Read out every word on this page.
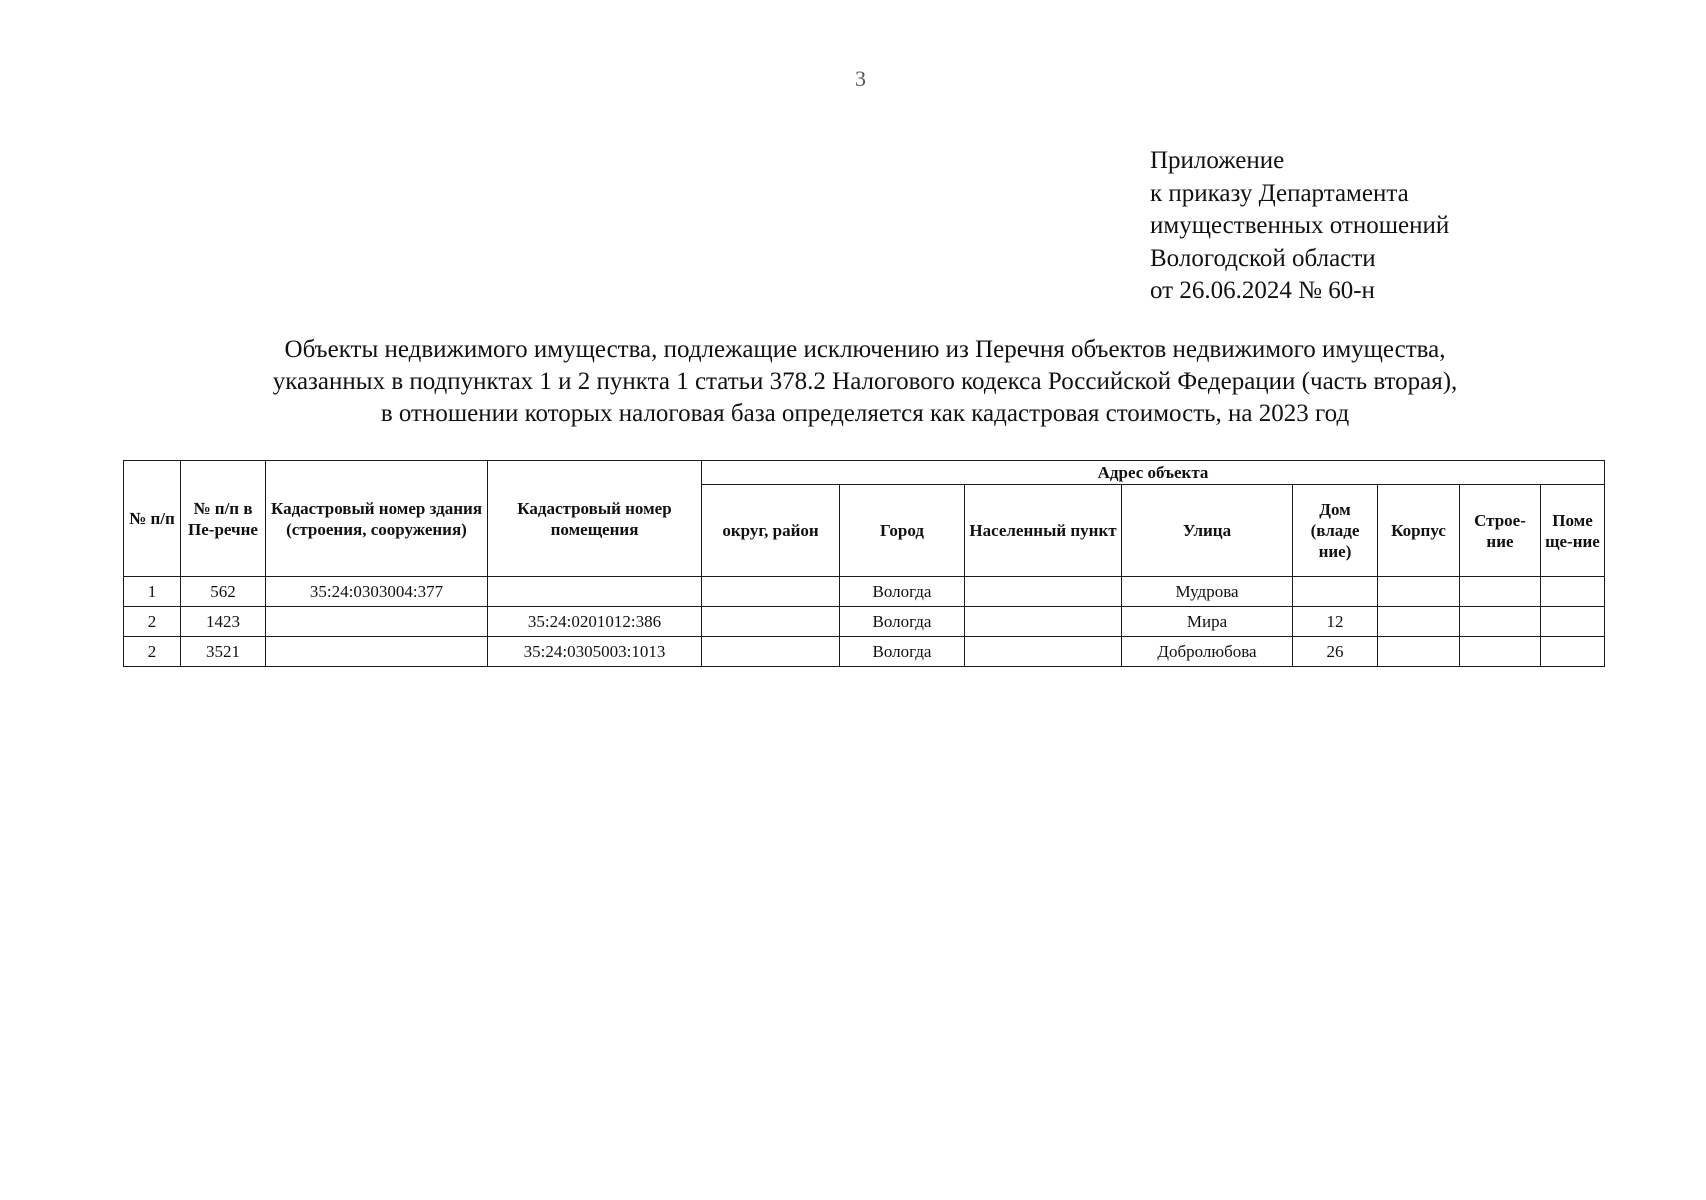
3
Приложение
к приказу Департамента
имущественных отношений
Вологодской области
от 26.06.2024 № 60-н
Объекты недвижимого имущества, подлежащие исключению из Перечня объектов недвижимого имущества,
указанных в подпунктах 1 и 2 пункта 1 статьи 378.2 Налогового кодекса Российской Федерации (часть вторая),
в отношении которых налоговая база определяется как кадастровая стоимость, на 2023 год
№ п/п	№ п/п в Пе-речне	Кадастровый номер здания (строения, сооружения)	Кадастровый номер помещения	Адрес объекта							
				округ, район	Город	Населенный пункт	Улица	Дом (владе ние)	Корпус	Строе-ние	Поме ще-ние
1	562	35:24:0303004:377			Вологда		Мудрова				
2	1423		35:24:0201012:386		Вологда		Мира	12			
2	3521		35:24:0305003:1013		Вологда		Добролюбова	26			
